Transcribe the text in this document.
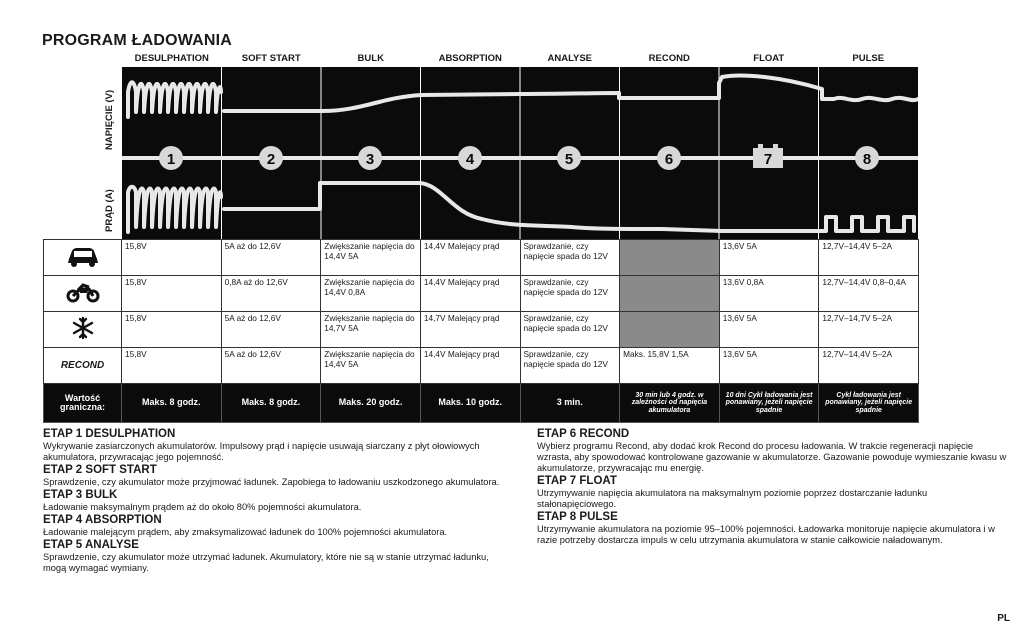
PROGRAM ŁADOWANIA
DESULPHATION	SOFT START	BULK	ABSORPTION	ANALYSE	RECOND	FLOAT	PULSE
NAPIĘCIE (V)
PRĄD (A)
1	2	3	4	5	6	7	8
	15,8V	5A aż do 12,6V	Zwiększanie napięcia do 14,4V 5A	14,4V Malejący prąd	Sprawdzanie, czy napięcie spada do 12V		13,6V 5A	12,7V–14,4V 5–2A
	15,8V	0,8A aż do 12,6V	Zwiększanie napięcia do 14,4V 0,8A	14,4V Malejący prąd	Sprawdzanie, czy napięcie spada do 12V		13,6V 0,8A	12,7V–14,4V 0,8–0,4A
	15,8V	5A aż do 12,6V	Zwiększanie napięcia do 14,7V 5A	14,7V Malejący prąd	Sprawdzanie, czy napięcie spada do 12V		13,6V 5A	12,7V–14,7V 5–2A
RECOND	15,8V	5A aż do 12,6V	Zwiększanie napięcia do 14,4V 5A	14,4V Malejący prąd	Sprawdzanie, czy napięcie spada do 12V	Maks. 15,8V 1,5A	13,6V 5A	12,7V–14,4V 5–2A
Wartość graniczna:	Maks. 8 godz.	Maks. 8 godz.	Maks. 20 godz.	Maks. 10 godz.	3 min.	30 min lub 4 godz. w zależności od napięcia akumulatora	10 dni Cykl ładowania jest ponawiany, jeżeli napięcie spadnie	Cykl ładowania jest ponawiany, jeżeli napięcie spadnie
ETAP 1 DESULPHATION

Wykrywanie zasiarczonych akumulatorów. Impulsowy prąd i napięcie usuwają siarczany z płyt ołowiowych akumulatora, przywracając jego pojemność.

ETAP 2 SOFT START

Sprawdzenie, czy akumulator może przyjmować ładunek. Zapobiega to ładowaniu uszkodzonego akumulatora.

ETAP 3 BULK

Ładowanie maksymalnym prądem aż do około 80% pojemności akumulatora.

ETAP 4 ABSORPTION

Ładowanie malejącym prądem, aby zmaksymalizować ładunek do 100% pojemności akumulatora.

ETAP 5 ANALYSE

Sprawdzenie, czy akumulator może utrzymać ładunek. Akumulatory, które nie są w stanie utrzymać ładunku, mogą wymagać wymiany.

ETAP 6 RECOND

Wybierz programu Recond, aby dodać krok Recond do procesu ładowania. W trakcie regeneracji napięcie wzrasta, aby spowodować kontrolowane gazowanie w akumulatorze. Gazowanie powoduje wymieszanie kwasu w akumulatorze, przywracając mu energię.

ETAP 7 FLOAT

Utrzymywanie napięcia akumulatora na maksymalnym poziomie poprzez dostarczanie ładunku stałonapięciowego.

ETAP 8 PULSE

Utrzymywanie akumulatora na poziomie 95–100% pojemności. Ładowarka monitoruje napięcie akumulatora i w razie potrzeby dostarcza impuls w celu utrzymania akumulatora w stanie całkowicie naładowanym.

PL
